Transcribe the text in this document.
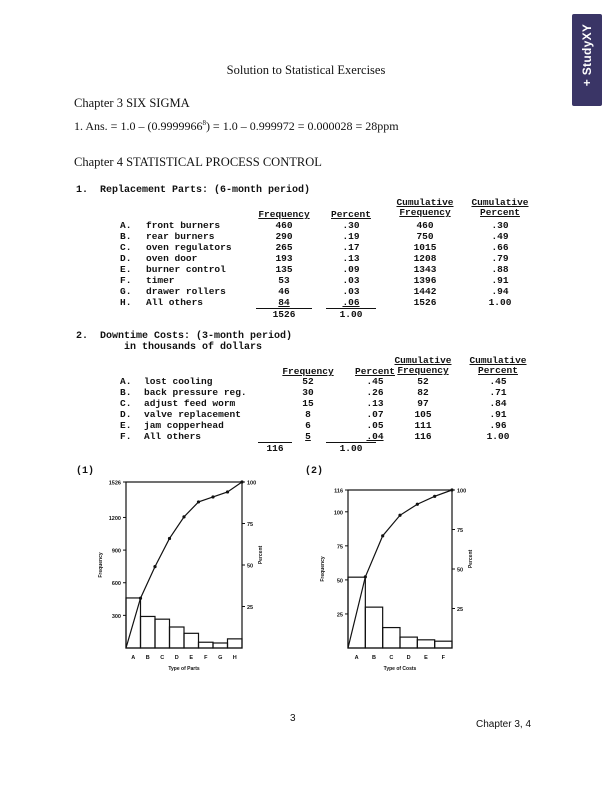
+ StudyXY
Solution to Statistical Exercises
Chapter 3 SIX SIGMA
1. Ans. = $1.0 - (0.9999966^8) = 1.0 - 0.999972 = 0.000028 = 28ppm$
Chapter 4 STATISTICAL PROCESS CONTROL
1.  Replacement Parts: (6-month period)
Frequency	Percent
Cumulative Frequency
Cumulative Percent
A.	front burners	460	.30	460	.30
B.	rear burners	290	.19	750	.49
C.	oven regulators	265	.17	1015	.66
D.	oven door	193	.13	1208	.79
E.	burner control	135	.09	1343	.88
F.	timer	53	.03	1396	.91
G.	drawer rollers	46	.03	1442	.94
H.	All others	84	.06	1526	1.00
1526	1.00
2.  Downtime Costs: (3-month period)
in thousands of dollars
Frequency	Percent
Cumulative Frequency
Cumulative Percent
A.	lost cooling	52	.45	52	.45
B.	back pressure reg.	30	.26	82	.71
C.	adjust feed worm	15	.13	97	.84
D.	valve replacement	8	.07	105	.91
E.	jam copperhead	6	.05	111	.96
F.	All others	5	.04	116	1.00
116	1.00
(1)	(2)
1526
1200
900
600
300
100
75
50
25
A B C D E F G H
Type of Parts
Frequency	Percent
116
100
75
50
25
100
75
50
25
A B C D E	F
Type of Costs
Frequency	Percent
3
Chapter 3, 4
